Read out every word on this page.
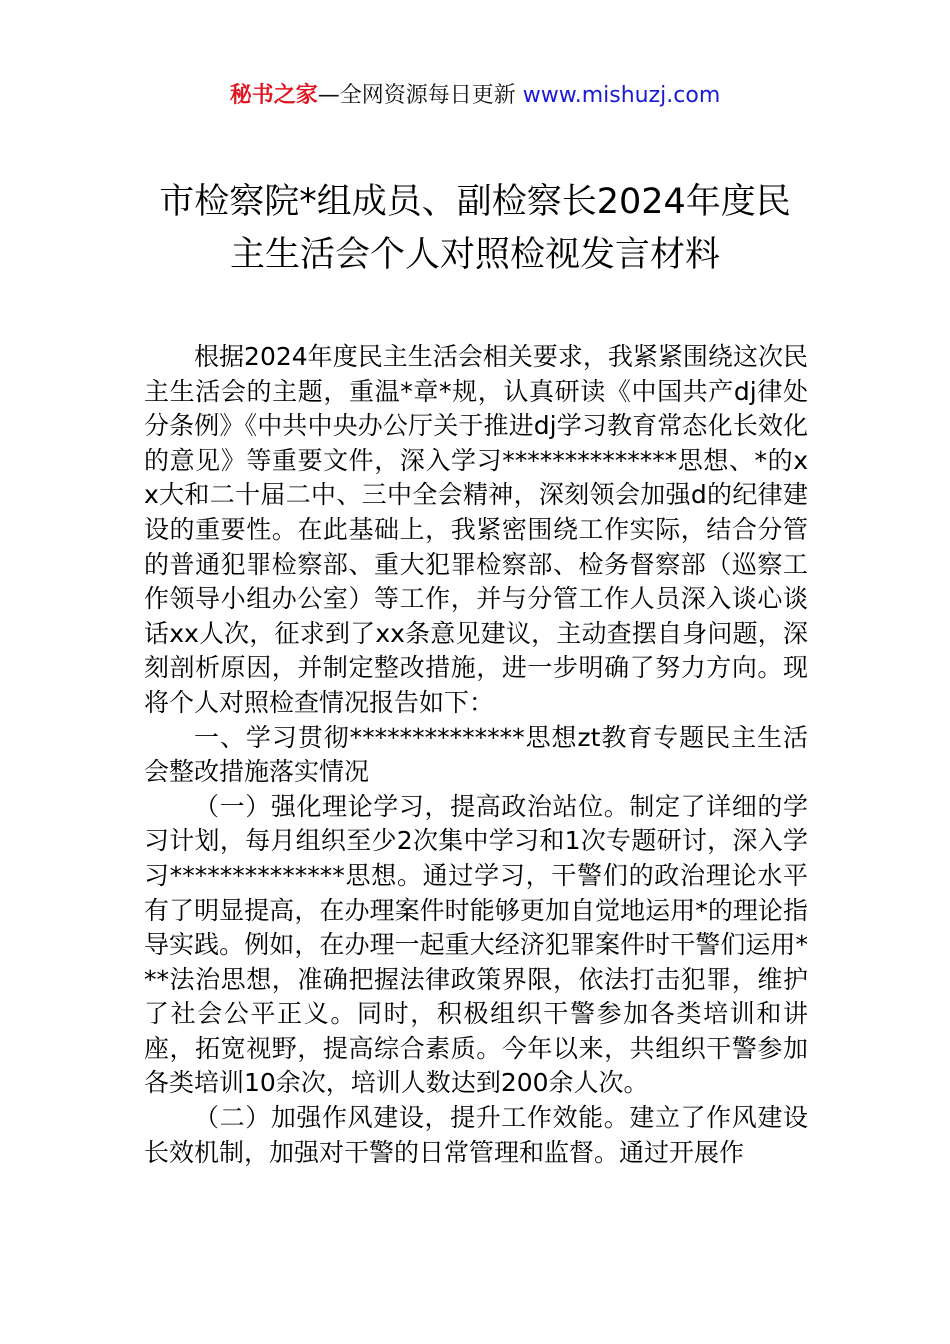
秘书之家—全网资源每日更新 www.mishuzj.com
市检察院*组成员、副检察长2024年度民
主生活会个人对照检视发言材料

根据2024年度民主生活会相关要求，我紧紧围绕这次民主生活会的主题，重温*章*规，认真研读《中国共产dj律处分条例》《中共中央办公厅关于推进dj学习教育常态化长效化的意见》等重要文件，深入学习**************思想、*的xx大和二十届二中、三中全会精神，深刻领会加强d的纪律建设的重要性。在此基础上，我紧密围绕工作实际，结合分管的普通犯罪检察部、重大犯罪检察部、检务督察部（巡察工作领导小组办公室）等工作，并与分管工作人员深入谈心谈话xx人次，征求到了xx条意见建议，主动查摆自身问题，深刻剖析原因，并制定整改措施，进一步明确了努力方向。现将个人对照检查情况报告如下：

一、学习贯彻**************思想zt教育专题民主生活会整改措施落实情况

（一）强化理论学习，提高政治站位。制定了详细的学习计划，每月组织至少2次集中学习和1次专题研讨，深入学习**************思想。通过学习，干警们的政治理论水平有了明显提高，在办理案件时能够更加自觉地运用*的理论指导实践。例如，在办理一起重大经济犯罪案件时干警们运用***法治思想，准确把握法律政策界限，依法打击犯罪，维护了社会公平正义。同时，积极组织干警参加各类培训和讲座，拓宽视野，提高综合素质。今年以来，共组织干警参加各类培训10余次，培训人数达到200余人次。

（二）加强作风建设，提升工作效能。建立了作风建设长效机制，加强对干警的日常管理和监督。通过开展作
